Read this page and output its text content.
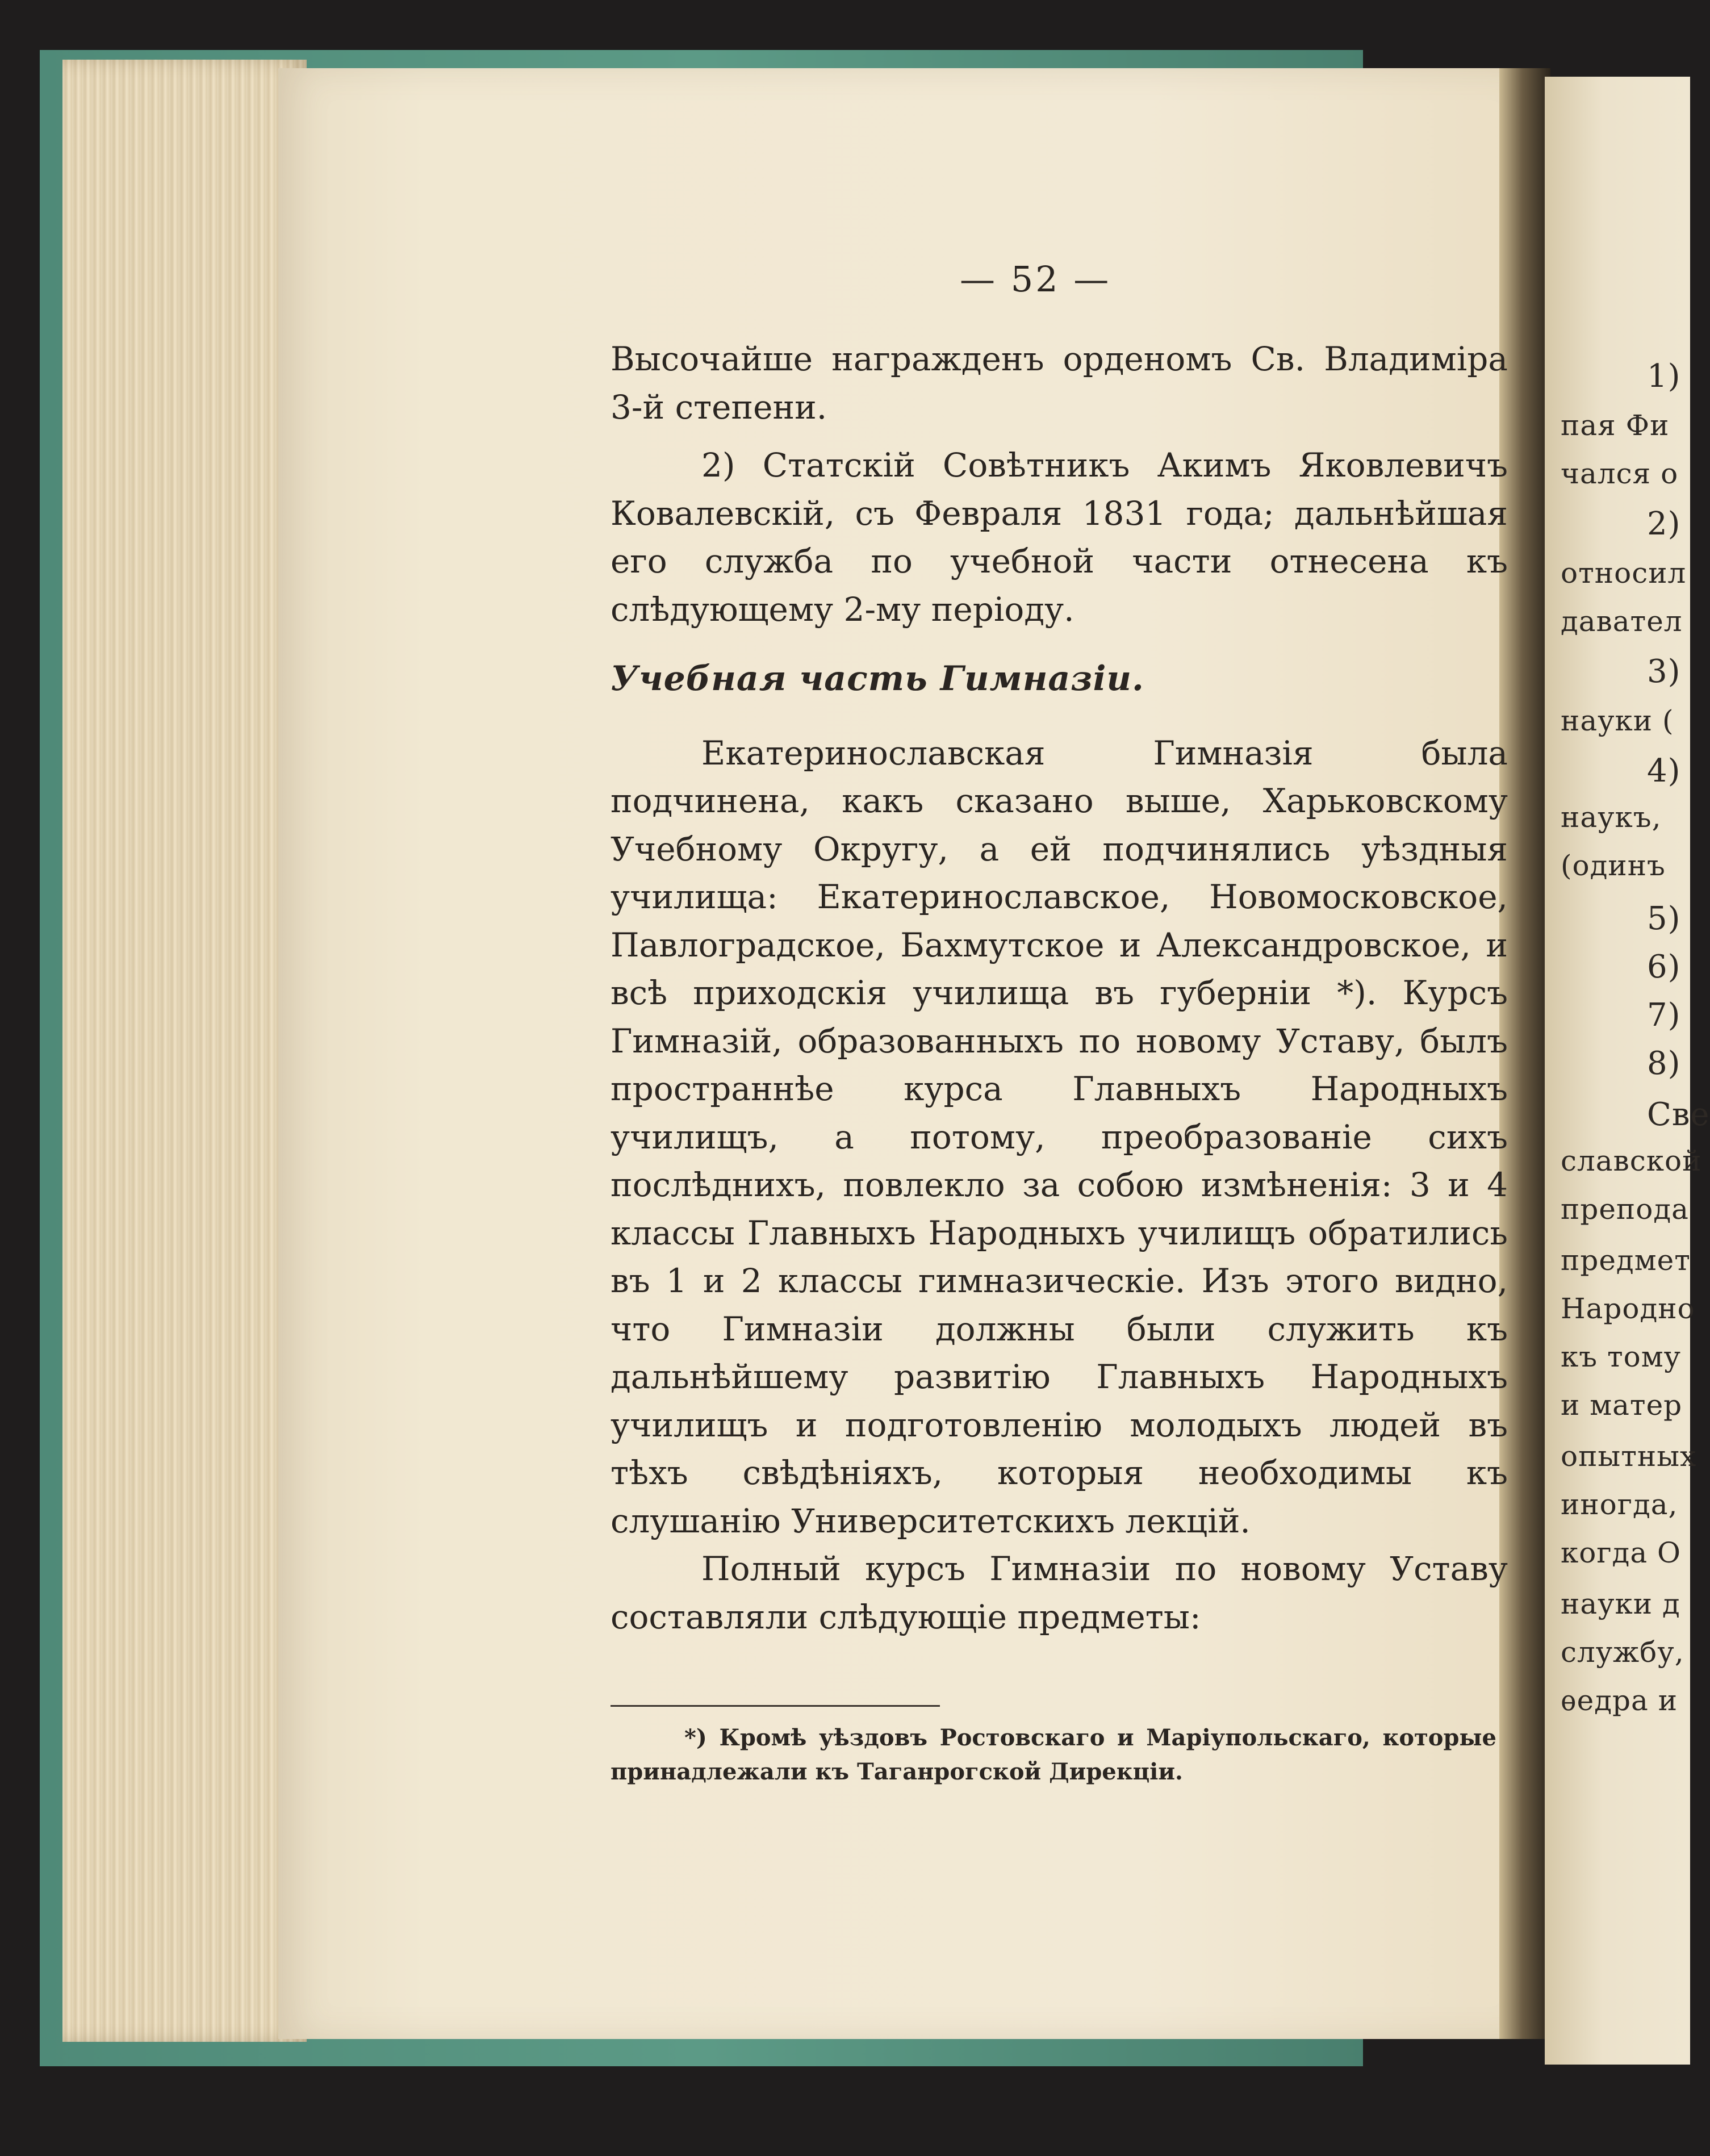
1)
пая Фи
чался о
2)
относил
давател
3)
науки (
4)
наукъ,
(одинъ
5)
6)
7)
8)
Све
славской
препода
предмет
Народно
къ тому
и матер
опытных
иногда,
когда О
науки д
службу,
ѳедра и
— 52 —

Высочайше награжденъ орденомъ Св. Владиміра 3-й степени.

2) Статскій Совѣтникъ Акимъ Яковлевичъ Ковалевскій, съ Февраля 1831 года; дальнѣйшая его служба по учебной части отнесена къ слѣдующему 2-му періоду.

Учебная часть Гимназіи.

Екатеринославская Гимназія была подчинена, какъ сказано выше, Харьковскому Учебному Округу, а ей подчинялись уѣздныя училища: Екатеринославское, Новомосковское, Павлоградское, Бахмутское и Александровское, и всѣ приходскія училища въ губерніи *). Курсъ Гимназій, образованныхъ по новому Уставу, былъ пространнѣе курса Главныхъ Народныхъ училищъ, а потому, преобразованіе сихъ послѣднихъ, повлекло за собою измѣненія: 3 и 4 классы Главныхъ Народныхъ училищъ обратились въ 1 и 2 классы гимназическіе. Изъ этого видно, что Гимназіи должны были служить къ дальнѣйшему развитію Главныхъ Народныхъ училищъ и подготовленію молодыхъ людей въ тѣхъ свѣдѣніяхъ, которыя необходимы къ слушанію Университетскихъ лекцій.

Полный курсъ Гимназіи по новому Уставу составляли слѣдующіе предметы:

*) Кромѣ уѣздовъ Ростовскаго и Маріупольскаго, которые принадлежали къ Таганрогской Дирекціи.
